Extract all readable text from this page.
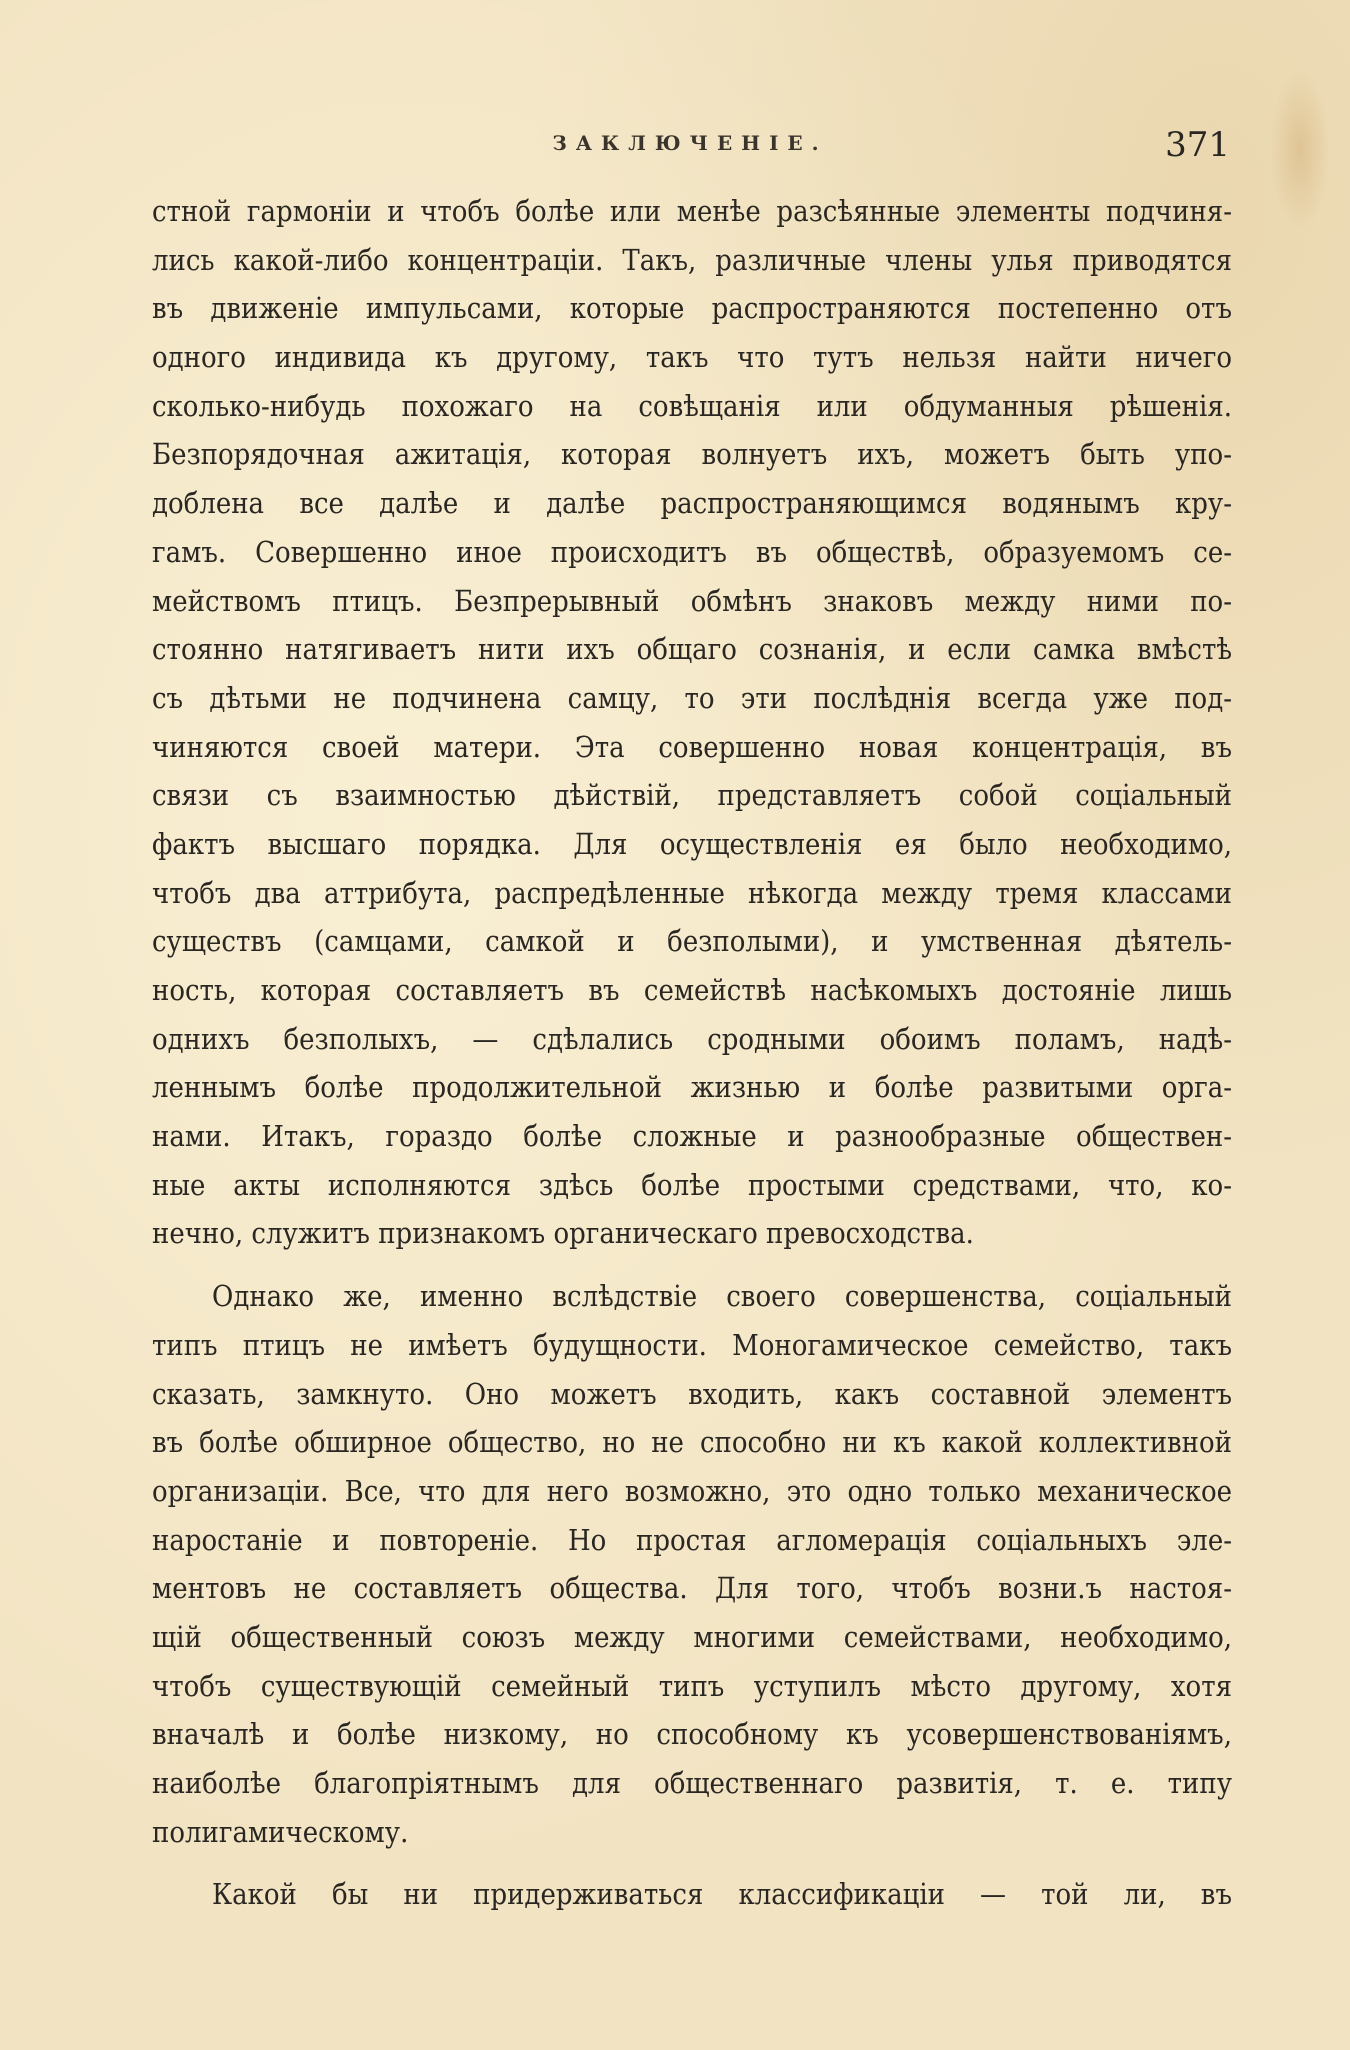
ЗАКЛЮЧЕНІЕ.	371
стной гармоніи и чтобъ болѣе или менѣе разсѣянные элементы подчиня-
лись какой-либо концентраціи. Такъ, различные члены улья приводятся
въ движеніе импульсами, которые распространяются постепенно отъ
одного индивида къ другому, такъ что тутъ нельзя найти ничего
сколько-нибудь похожаго на совѣщанія или обдуманныя рѣшенія.
Безпорядочная ажитація, которая волнуетъ ихъ, можетъ быть упо-
доблена все далѣе и далѣе распространяющимся водянымъ кру-
гамъ. Совершенно иное происходитъ въ обществѣ, образуемомъ се-
мействомъ птицъ. Безпрерывный обмѣнъ знаковъ между ними по-
стоянно натягиваетъ нити ихъ общаго сознанія, и если самка вмѣстѣ
съ дѣтьми не подчинена самцу, то эти послѣднія всегда уже под-
чиняются своей матери. Эта совершенно новая концентрація, въ
связи съ взаимностью дѣйствій, представляетъ собой соціальный
фактъ высшаго порядка. Для осуществленія ея было необходимо,
чтобъ два аттрибута, распредѣленные нѣкогда между тремя классами
существъ (самцами, самкой и безполыми), и умственная дѣятель-
ность, которая составляетъ въ семействѣ насѣкомыхъ достояніе лишь
однихъ безполыхъ, — сдѣлались сродными обоимъ поламъ, надѣ-
леннымъ болѣе продолжительной жизнью и болѣе развитыми орга-
нами. Итакъ, гораздо болѣе сложные и разнообразные обществен-
ные акты исполняются здѣсь болѣе простыми средствами, что, ко-
нечно, служитъ признакомъ органическаго превосходства.
Однако же, именно вслѣдствіе своего совершенства, соціальный
типъ птицъ не имѣетъ будущности. Моногамическое семейство, такъ
сказать, замкнуто. Оно можетъ входить, какъ составной элементъ
въ болѣе обширное общество, но не способно ни къ какой коллективной
организаціи. Все, что для него возможно, это одно только механическое
наростаніе и повтореніе. Но простая агломерація соціальныхъ эле-
ментовъ не составляетъ общества. Для того, чтобъ возни.ъ настоя-
щій общественный союзъ между многими семействами, необходимо,
чтобъ существующій семейный типъ уступилъ мѣсто другому, хотя
вначалѣ и болѣе низкому, но способному къ усовершенствованіямъ,
наиболѣе благопріятнымъ для общественнаго развитія, т. е. типу
полигамическому.
Какой бы ни придерживаться классификаціи — той ли, въ
